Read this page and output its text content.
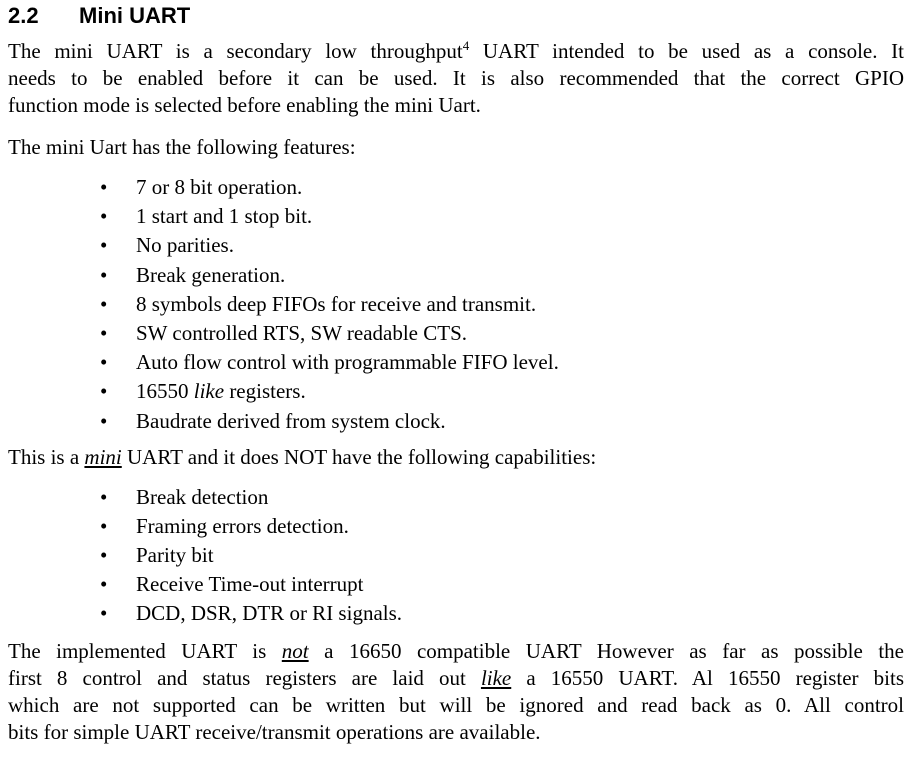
2.2	Mini UART

The mini UART is a secondary low throughput$^4$ UART intended to be used as a console. It
needs to be enabled before it can be used. It is also recommended that the correct GPIO
function mode is selected before enabling the mini Uart.

The mini Uart has the following features:

• 7 or 8 bit operation.
• 1 start and 1 stop bit.
• No parities.
• Break generation.
• 8 symbols deep FIFOs for receive and transmit.
• SW controlled RTS, SW readable CTS.
• Auto flow control with programmable FIFO level.
• 16550 like registers.
• Baudrate derived from system clock.

This is a mini UART and it does NOT have the following capabilities:

• Break detection
• Framing errors detection.
• Parity bit
• Receive Time-out interrupt
• DCD, DSR, DTR or RI signals.

The implemented UART is not a 16650 compatible UART However as far as possible the
first 8 control and status registers are laid out like a 16550 UART. Al 16550 register bits
which are not supported can be written but will be ignored and read back as 0. All control
bits for simple UART receive/transmit operations are available.
